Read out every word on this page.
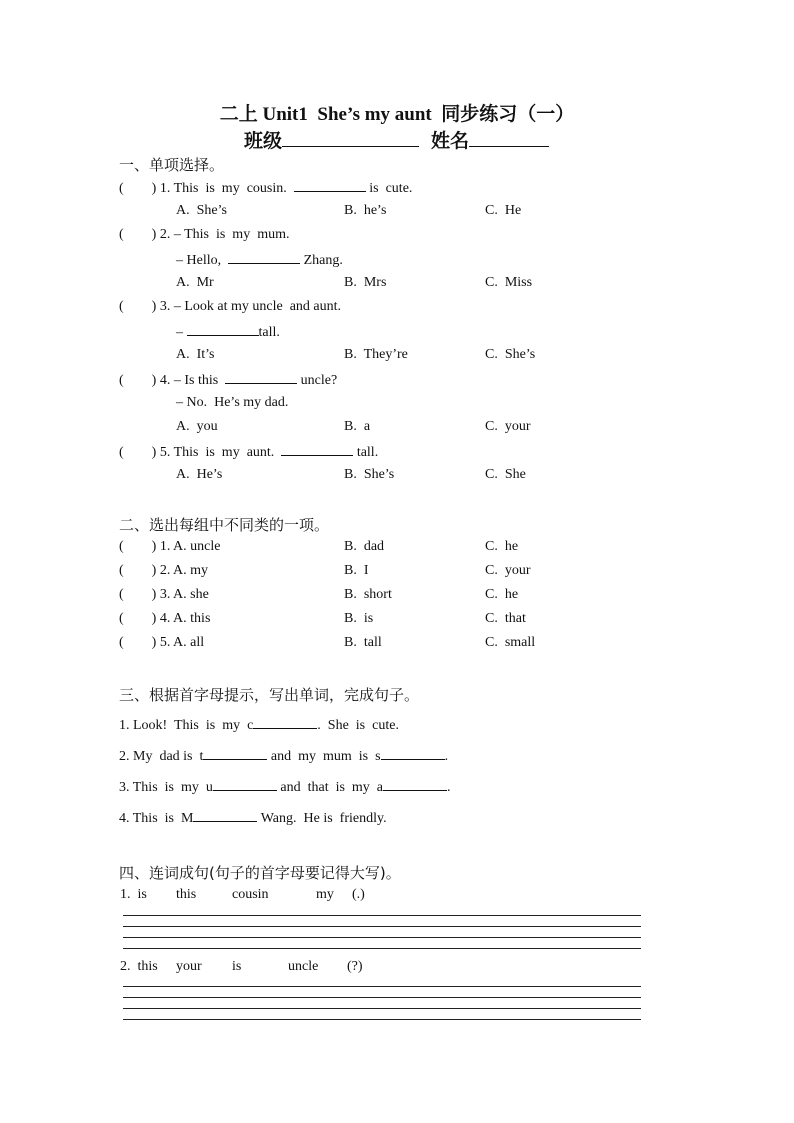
二上 Unit1  She’s my aunt  同步练习（一）
班级	姓名
一、单项选择。
(        ) 1. This  is  my  cousin.	is  cute.
A.  She’s	B.  he’s	C.  He
(        ) 2. – This  is  my  mum.
– Hello,	Zhang.
A.  Mr	B.  Mrs	C.  Miss
(        ) 3. – Look at my uncle  and aunt.
–	tall.
A.  It’s	B.  They’re	C.  She’s
(        ) 4. – Is this	uncle?
– No.  He’s my dad.
A.  you	B.  a	C.  your
(        ) 5. This  is  my  aunt.	tall.
A.  He’s	B.  She’s	C.  She
二、选出每组中不同类的一项。
(        ) 1. A. uncle	B.  dad	C.  he
(        ) 2. A. my	B.  I	C.  your
(        ) 3. A. she	B.  short	C.  he
(        ) 4. A. this	B.  is	C.  that
(        ) 5. A. all	B.  tall	C.  small
三、根据首字母提示，写出单词，完成句子。
1. Look!  This  is  my  c	.  She  is  cute.
2. My  dad is  t	and  my  mum  is  s	.
3. This  is  my  u	and  that  is  my  a	.
4. This  is  M	Wang.  He is  friendly.
四、连词成句(句子的首字母要记得大写)。
1.  is this	cousin	my (.)
2.  this your is	uncle (?)
